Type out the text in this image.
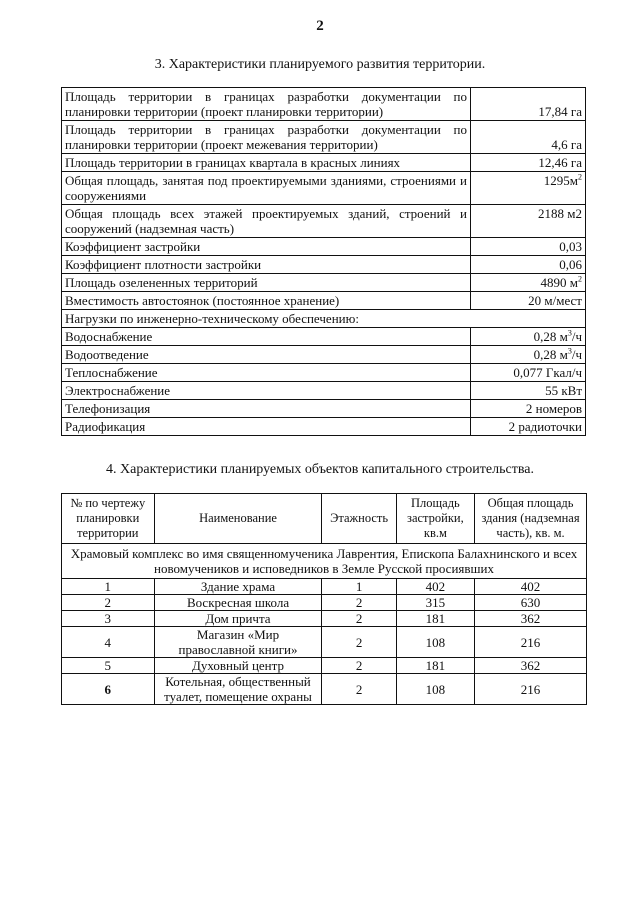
2
3. Характеристики планируемого развития территории.
Площадь территории в границах разработки документации по планировки территории (проект планировки территории)	17,84 га
Площадь территории в границах разработки документации по планировки территории (проект межевания территории)	4,6 га
Площадь территории в границах квартала в красных линиях	12,46 га
Общая площадь, занятая под проектируемыми зданиями, строениями и сооружениями	$1295м^2$
Общая площадь всех этажей проектируемых зданий, строений и сооружений (надземная часть)	2188 м2
Коэффициент застройки	0,03
Коэффициент плотности застройки	0,06
Площадь озелененных территорий	4890 $м^2$
Вместимость автостоянок (постоянное хранение)	20 м/мест
Нагрузки по инженерно-техническому обеспечению:	
Водоснабжение	0,28 $м^3/ч$
Водоотведение	0,28 $м^3/ч$
Теплоснабжение	0,077 Гкал/ч
Электроснабжение	55 кВт
Телефонизация	2 номеров
Радиофикация	2 радиоточки
4. Характеристики планируемых объектов капитального строительства.
№ по чертежу планировки территории	Наименование	Этажность	Площадь застройки, кв.м	Общая площадь здания (надземная часть), кв. м.
Храмовый комплекс во имя священномученика Лаврентия, Епископа Балахнинского и всех новомучеников и исповедников в Земле Русской просиявших				
1	Здание храма	1	402	402
2	Воскресная школа	2	315	630
3	Дом причта	2	181	362
4	Магазин «Мир православной книги»	2	108	216
5	Духовный центр	2	181	362
6	Котельная, общественный туалет, помещение охраны	2	108	216
